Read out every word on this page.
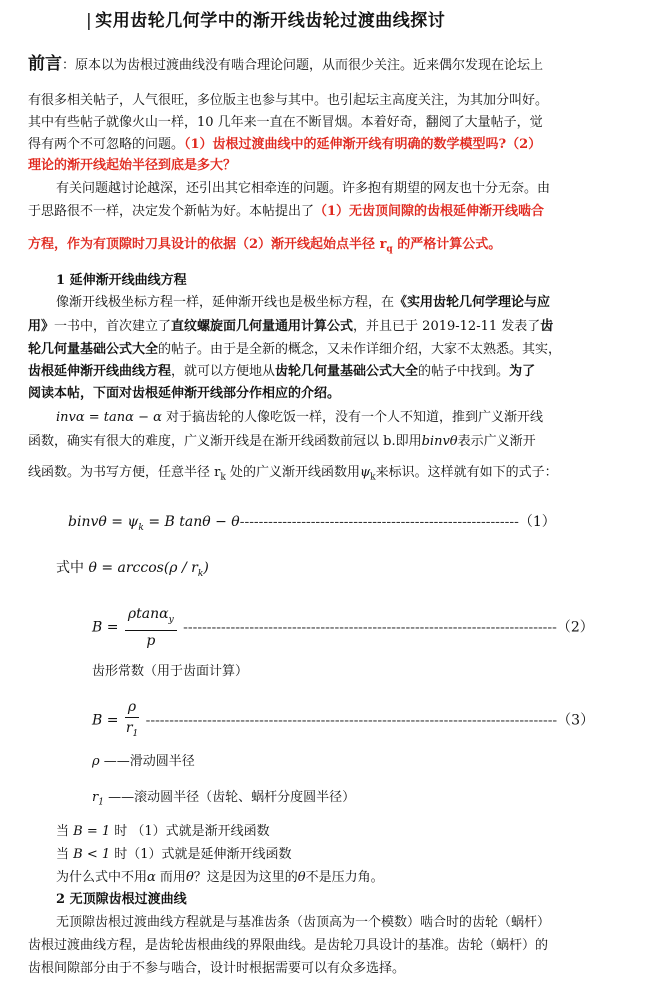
| 实用齿轮几何学中的渐开线齿轮过渡曲线探讨
前言：原本以为齿根过渡曲线没有啮合理论问题，从而很少关注。近来偶尔发现在论坛上
有很多相关帖子，人气很旺，多位版主也参与其中。也引起坛主高度关注，为其加分叫好。
其中有些帖子就像火山一样，10 几年来一直在不断冒烟。本着好奇，翻阅了大量帖子，觉
得有两个不可忽略的问题。（1）齿根过渡曲线中的延伸渐开线有明确的数学模型吗?（2）
理论的渐开线起始半径到底是多大？
有关问题越讨论越深，还引出其它相牵连的问题。许多抱有期望的网友也十分无奈。由
于思路很不一样，决定发个新帖为好。本帖提出了（1）无齿顶间隙的齿根延伸渐开线啮合
方程，作为有顶隙时刀具设计的依据（2）渐开线起始点半径 $r_q$ 的严格计算公式。
1 延伸渐开线曲线方程
像渐开线极坐标方程一样，延伸渐开线也是极坐标方程，在《实用齿轮几何学理论与应
用》一书中，首次建立了直纹螺旋面几何量通用计算公式，并且已于 2019-12-11 发表了齿
轮几何量基础公式大全的帖子。由于是全新的概念，又未作详细介绍，大家不太熟悉。其实，
齿根延伸渐开线曲线方程，就可以方便地从齿轮几何量基础公式大全的帖子中找到。为了
阅读本帖，下面对齿根延伸渐开线部分作相应的介绍。
invα = tanα − α 对于搞齿轮的人像吃饭一样，没有一个人不知道，推到广义渐开线
函数，确实有很大的难度，广义渐开线是在渐开线函数前冠以 b.即用binvθ表示广义渐开
线函数。为书写方便，任意半径 $r_k$ 处的广义渐开线函数用$\psi_k$来标识。这样就有如下的式子：
binvθ = $\psi_k = B$ tanθ − θ-----------------------------------------------------------（1）
式中 $\theta = \arccos(\rho / r_k)$
$B = \frac{\rho\tan\alpha_y}{p} -------------------------------------------------------------------------------(2)$
齿形常数（用于齿面计算）
$B = \frac{\rho}{r_1} ---------------------------------------------------------------------------------------(3)$
ρ ——滑动圆半径
$r_1$ ——滚动圆半径（齿轮、蜗杆分度圆半径）
当 B = 1 时 （1）式就是渐开线函数
当 B < 1 时（1）式就是延伸渐开线函数
为什么式中不用α 而用θ？这是因为这里的θ不是压力角。
2 无顶隙齿根过渡曲线
无顶隙齿根过渡曲线方程就是与基准齿条（齿顶高为一个模数）啮合时的齿轮（蜗杆）
齿根过渡曲线方程，是齿轮齿根曲线的界限曲线。是齿轮刀具设计的基准。齿轮（蜗杆）的
齿根间隙部分由于不参与啮合，设计时根据需要可以有众多选择。
